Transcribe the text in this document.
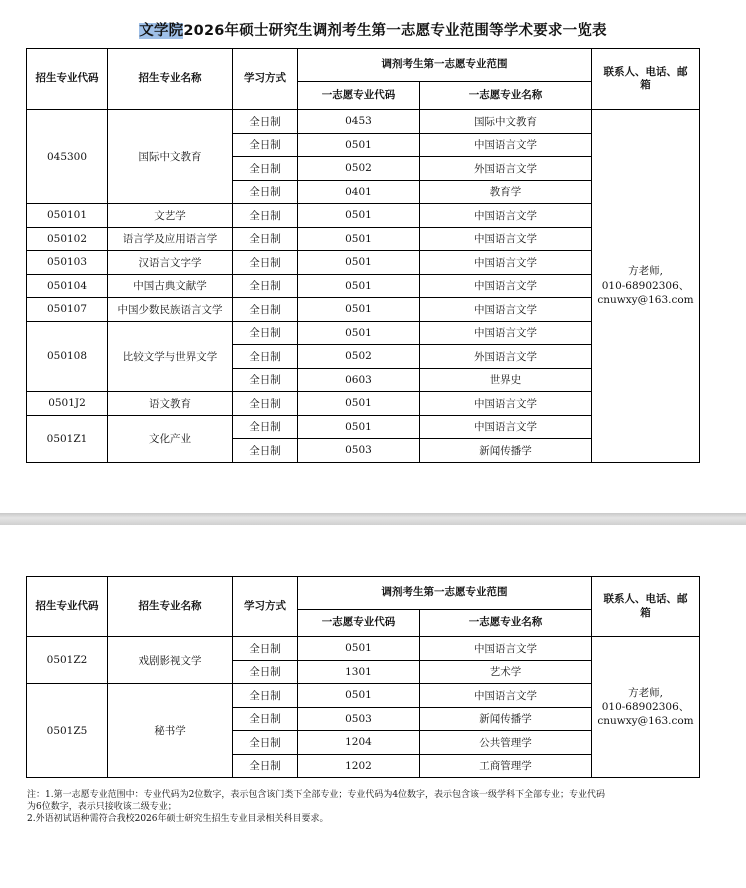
文学院2026年硕士研究生调剂考生第一志愿专业范围等学术要求一览表
招生专业代码	招生专业名称	学习方式	调剂考生第一志愿专业范围		联系人、电话、邮箱
			一志愿专业代码	一志愿专业名称	
045300	国际中文教育	全日制	0453	国际中文教育	方老师,
010-68902306、
cnuwxy@163.com

		全日制	0501	中国语言文学	
		全日制	0502	外国语言文学	
		全日制	0401	教育学	
050101	文艺学	全日制	0501	中国语言文学	
050102	语言学及应用语言学	全日制	0501	中国语言文学	
050103	汉语言文字学	全日制	0501	中国语言文学	
050104	中国古典文献学	全日制	0501	中国语言文学	
050107	中国少数民族语言文学	全日制	0501	中国语言文学	
050108	比较文学与世界文学	全日制	0501	中国语言文学	
		全日制	0502	外国语言文学	
		全日制	0603	世界史	
0501J2	语文教育	全日制	0501	中国语言文学	
0501Z1	文化产业	全日制	0501	中国语言文学	
		全日制	0503	新闻传播学	
招生专业代码	招生专业名称	学习方式	调剂考生第一志愿专业范围		联系人、电话、邮箱
			一志愿专业代码	一志愿专业名称	
0501Z2	戏剧影视文学	全日制	0501	中国语言文学	方老师,
010-68902306、
cnuwxy@163.com

		全日制	1301	艺术学	
0501Z5	秘书学	全日制	0501	中国语言文学	
		全日制	0503	新闻传播学	
		全日制	1204	公共管理学	
		全日制	1202	工商管理学	
注：1.第一志愿专业范围中：专业代码为2位数字，表示包含该门类下全部专业；专业代码为4位数字，表示包含该一级学科下全部专业；专业代码
为6位数字，表示只接收该二级专业；
2.外语初试语种需符合我校2026年硕士研究生招生专业目录相关科目要求。
